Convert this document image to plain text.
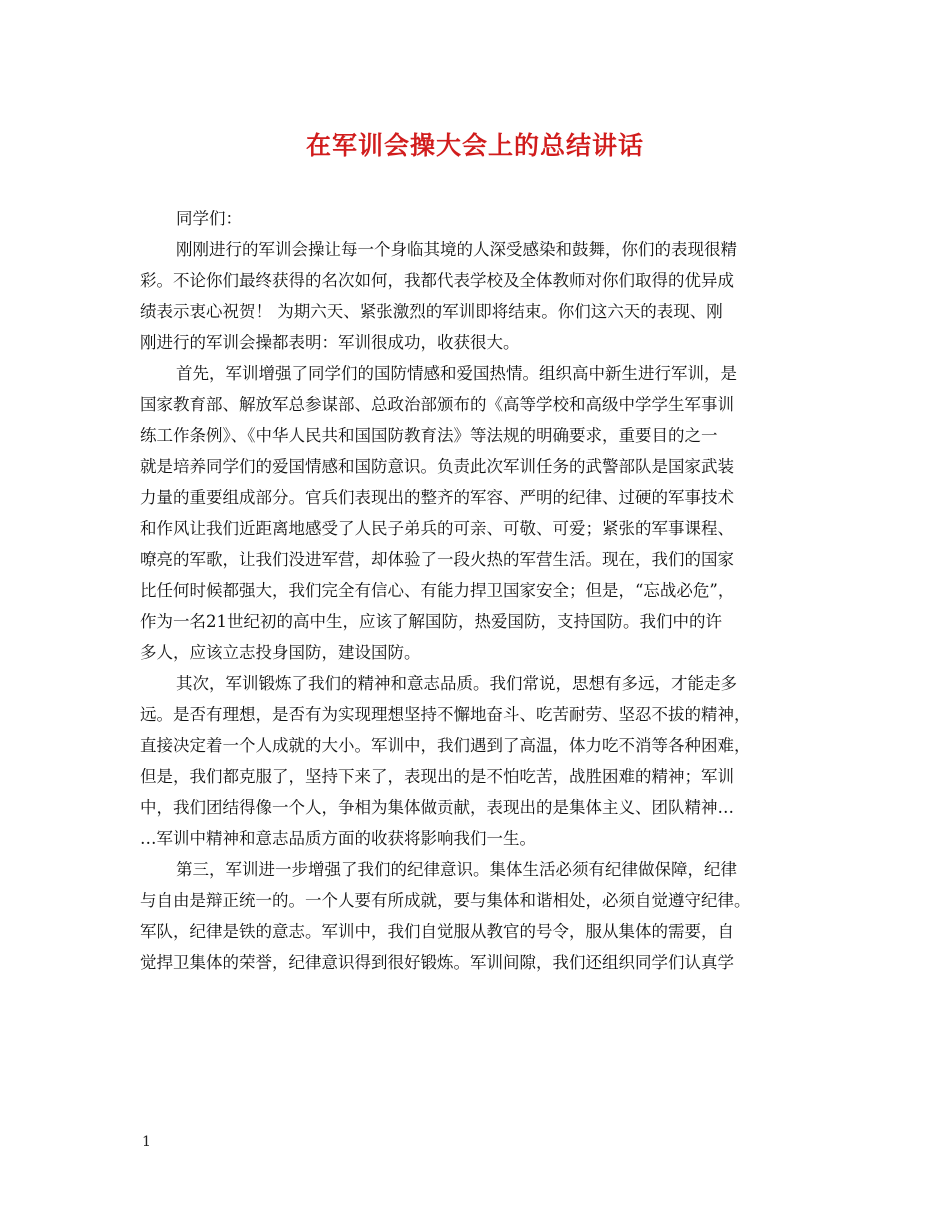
在军训会操大会上的总结讲话
同学们：
刚刚进行的军训会操让每一个身临其境的人深受感染和鼓舞，你们的表现很精
彩。不论你们最终获得的名次如何，我都代表学校及全体教师对你们取得的优异成
绩表示衷心祝贺！ 为期六天、紧张激烈的军训即将结束。你们这六天的表现、刚
刚进行的军训会操都表明：军训很成功，收获很大。
首先，军训增强了同学们的国防情感和爱国热情。组织高中新生进行军训，是
国家教育部、解放军总参谋部、总政治部颁布的《高等学校和高级中学学生军事训
练工作条例》、《中华人民共和国国防教育法》等法规的明确要求，重要目的之一
就是培养同学们的爱国情感和国防意识。负责此次军训任务的武警部队是国家武装
力量的重要组成部分。官兵们表现出的整齐的军容、严明的纪律、过硬的军事技术
和作风让我们近距离地感受了人民子弟兵的可亲、可敬、可爱；紧张的军事课程、
嘹亮的军歌，让我们没进军营，却体验了一段火热的军营生活。现在，我们的国家
比任何时候都强大，我们完全有信心、有能力捍卫国家安全；但是，“忘战必危”，
作为一名21世纪初的高中生，应该了解国防，热爱国防，支持国防。我们中的许
多人，应该立志投身国防，建设国防。
其次，军训锻炼了我们的精神和意志品质。我们常说，思想有多远，才能走多
远。是否有理想，是否有为实现理想坚持不懈地奋斗、吃苦耐劳、坚忍不拔的精神，
直接决定着一个人成就的大小。军训中，我们遇到了高温，体力吃不消等各种困难，
但是，我们都克服了，坚持下来了，表现出的是不怕吃苦，战胜困难的精神；军训
中，我们团结得像一个人，争相为集体做贡献，表现出的是集体主义、团队精神…
…军训中精神和意志品质方面的收获将影响我们一生。
第三，军训进一步增强了我们的纪律意识。集体生活必须有纪律做保障，纪律
与自由是辩正统一的。一个人要有所成就，要与集体和谐相处，必须自觉遵守纪律。
军队，纪律是铁的意志。军训中，我们自觉服从教官的号令，服从集体的需要，自
觉捍卫集体的荣誉，纪律意识得到很好锻炼。军训间隙，我们还组织同学们认真学
1
